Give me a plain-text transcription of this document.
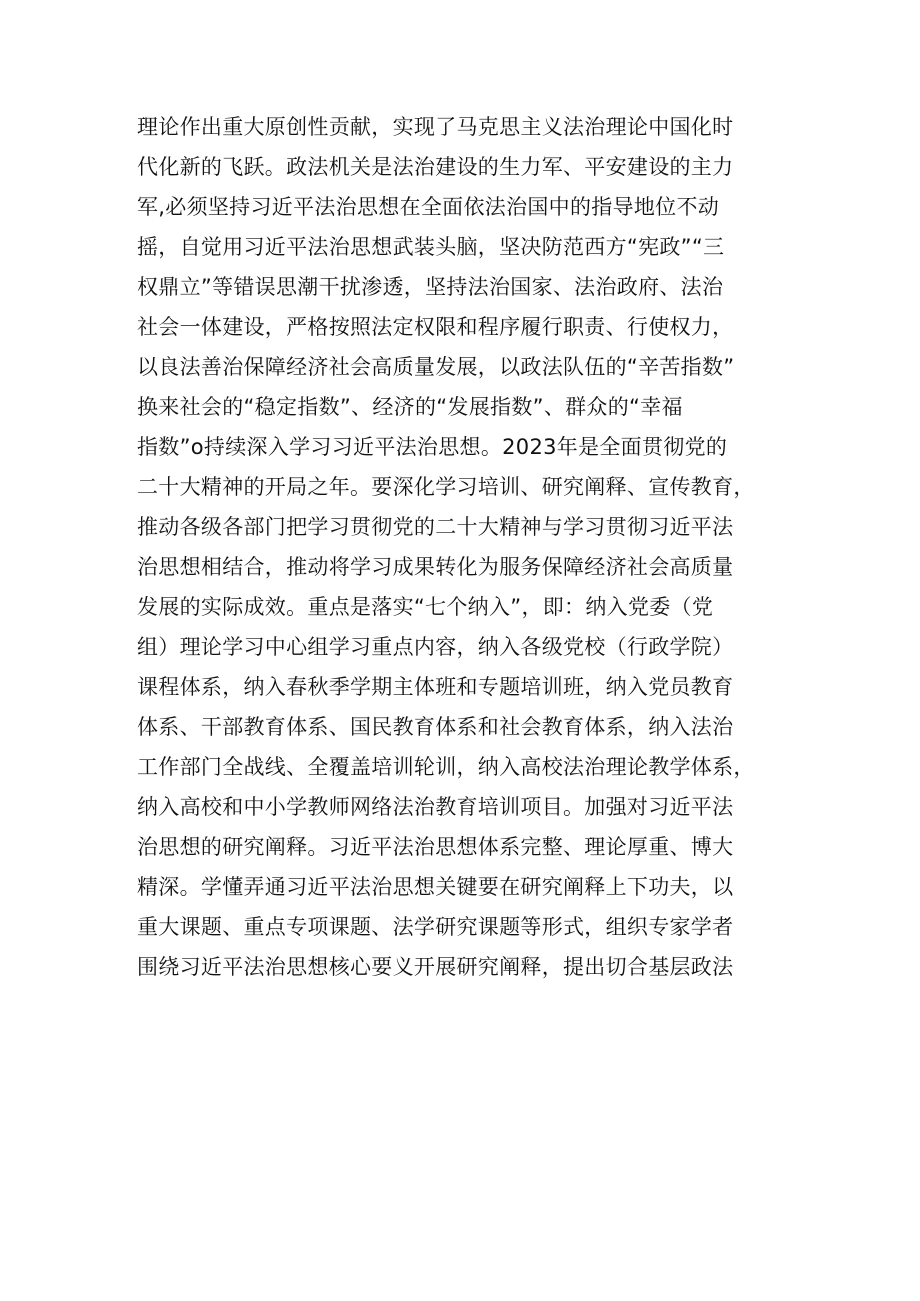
理论作出重大原创性贡献，实现了马克思主义法治理论中国化时
代化新的飞跃。政法机关是法治建设的生力军、平安建设的主力
军,必须坚持习近平法治思想在全面依法治国中的指导地位不动
摇，自觉用习近平法治思想武装头脑，坚决防范西方“宪政”“三
权鼎立”等错误思潮干扰渗透，坚持法治国家、法治政府、法治
社会一体建设，严格按照法定权限和程序履行职责、行使权力，
以良法善治保障经济社会高质量发展，以政法队伍的“辛苦指数”
换来社会的“稳定指数”、经济的“发展指数”、群众的“幸福
指数”o持续深入学习习近平法治思想。2023年是全面贯彻党的
二十大精神的开局之年。要深化学习培训、研究阐释、宣传教育，
推动各级各部门把学习贯彻党的二十大精神与学习贯彻习近平法
治思想相结合，推动将学习成果转化为服务保障经济社会高质量
发展的实际成效。重点是落实“七个纳入”，即：纳入党委（党
组）理论学习中心组学习重点内容，纳入各级党校（行政学院）
课程体系，纳入春秋季学期主体班和专题培训班，纳入党员教育
体系、干部教育体系、国民教育体系和社会教育体系，纳入法治
工作部门全战线、全覆盖培训轮训，纳入高校法治理论教学体系，
纳入高校和中小学教师网络法治教育培训项目。加强对习近平法
治思想的研究阐释。习近平法治思想体系完整、理论厚重、博大
精深。学懂弄通习近平法治思想关键要在研究阐释上下功夫，以
重大课题、重点专项课题、法学研究课题等形式，组织专家学者
围绕习近平法治思想核心要义开展研究阐释，提出切合基层政法
